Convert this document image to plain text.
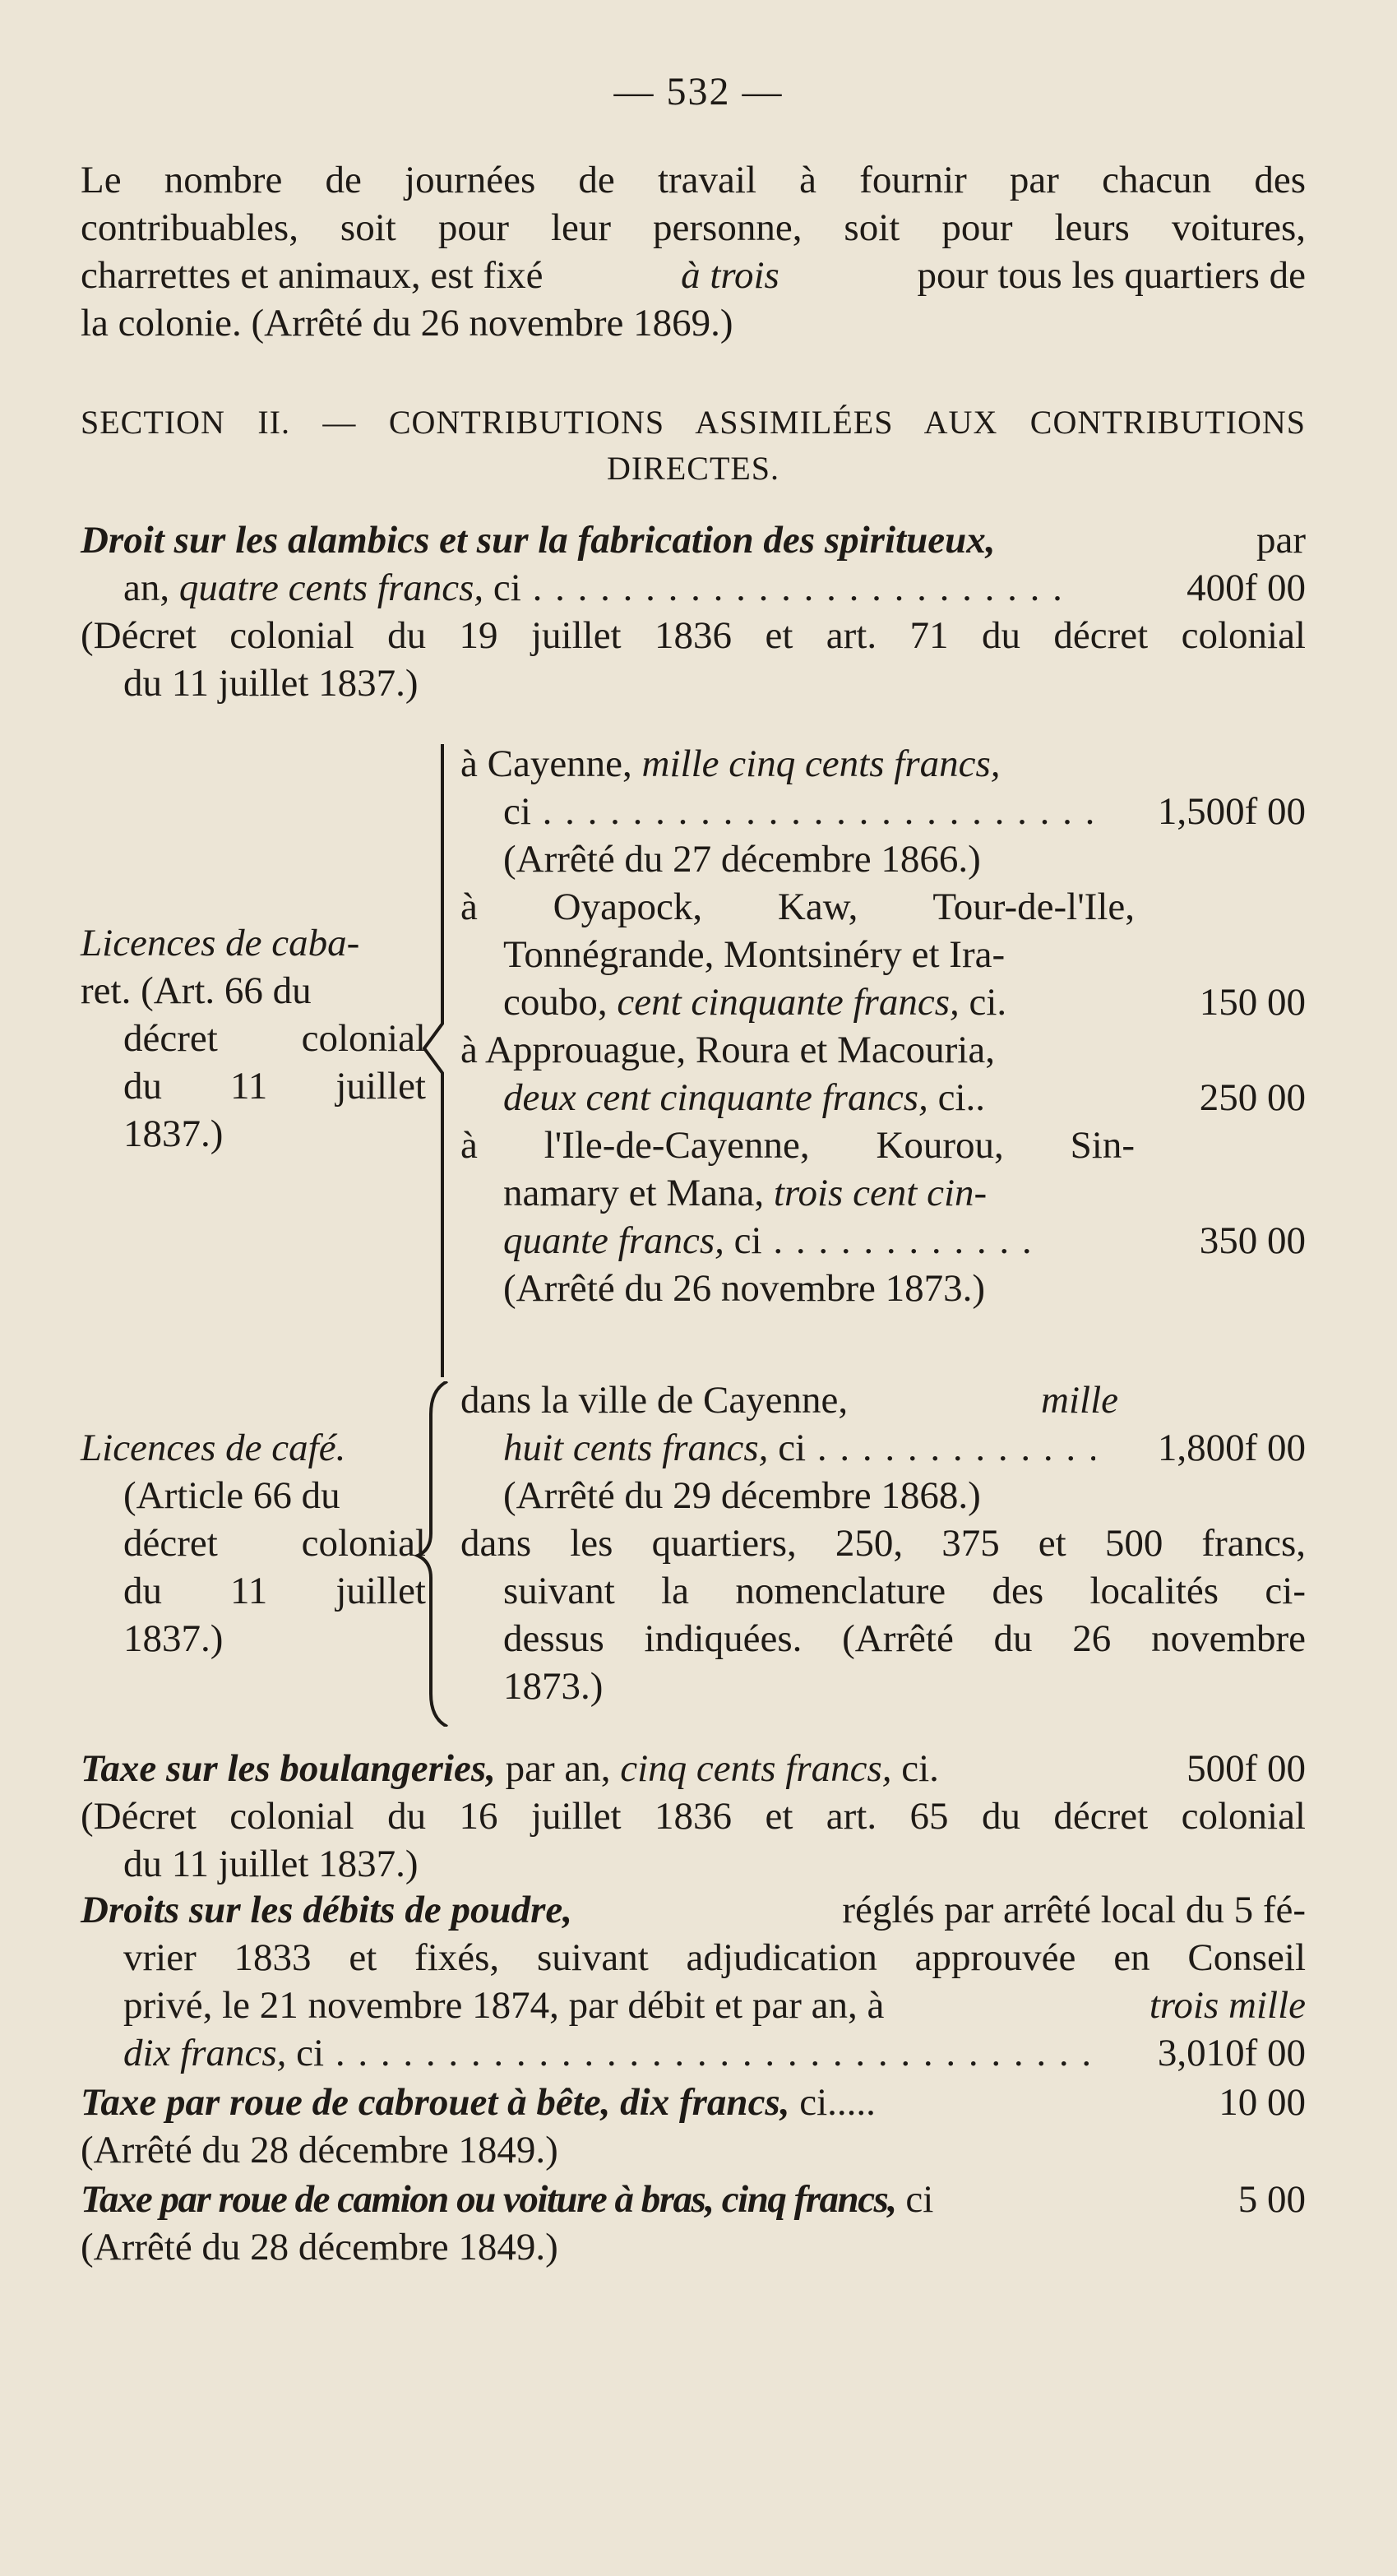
— 532 —
Le nombre de journées de travail à fournir par chacun des
contribuables, soit pour leur personne, soit pour leurs voitures,
charrettes et animaux, est fixé	à trois	pour tous les quartiers de
la colonie. (Arrêté du 26 novembre 1869.)
SECTION II. — CONTRIBUTIONS ASSIMILÉES AUX CONTRIBUTIONS
DIRECTES.
Droit sur les alambics et sur la fabrication des spiritueux,	par
an, quatre cents francs, ci . . .	400f 00
(Décret colonial du 19 juillet 1836 et art. 71 du décret colonial
du 11 juillet 1837.)
Licences de caba-
ret. (Art. 66 du
décret colonial
du 11 juillet
1837.)
à Cayenne, mille cinq cents francs,
ci . . .	1,500f 00
(Arrêté du 27 décembre 1866.)
à Oyapock, Kaw, Tour-de-l'Ile,
Tonnégrande, Montsinéry et Ira-
coubo, cent cinquante francs, ci.	150 00
à Approuague, Roura et Macouria,
deux cent cinquante francs, ci..	250 00
à l'Ile-de-Cayenne, Kourou, Sin-
namary et Mana, trois cent cin-
quante francs, ci . . .	350 00
(Arrêté du 26 novembre 1873.)
Licences de café.
(Article 66 du
décret colonial
du 11 juillet
1837.)
dans la ville de Cayenne,	mille
huit cents francs, ci . . .	1,800f 00
(Arrêté du 29 décembre 1868.)
dans les quartiers, 250, 375 et 500 francs,
suivant la nomenclature des localités ci-
dessus indiquées. (Arrêté du 26 novembre
1873.)
Taxe sur les boulangeries, par an, cinq cents francs, ci.	500f 00
(Décret colonial du 16 juillet 1836 et art. 65 du décret colonial
du 11 juillet 1837.)
Droits sur les débits de poudre,	réglés par arrêté local du 5 fé-
vrier 1833 et fixés, suivant adjudication approuvée en Conseil
privé, le 21 novembre 1874, par débit et par an, à	trois mille
dix francs, ci . . .	3,010f 00
Taxe par roue de cabrouet à bête, dix francs, ci.....	10 00
(Arrêté du 28 décembre 1849.)
Taxe par roue de camion ou voiture à bras, cinq francs, ci	5 00
(Arrêté du 28 décembre 1849.)
